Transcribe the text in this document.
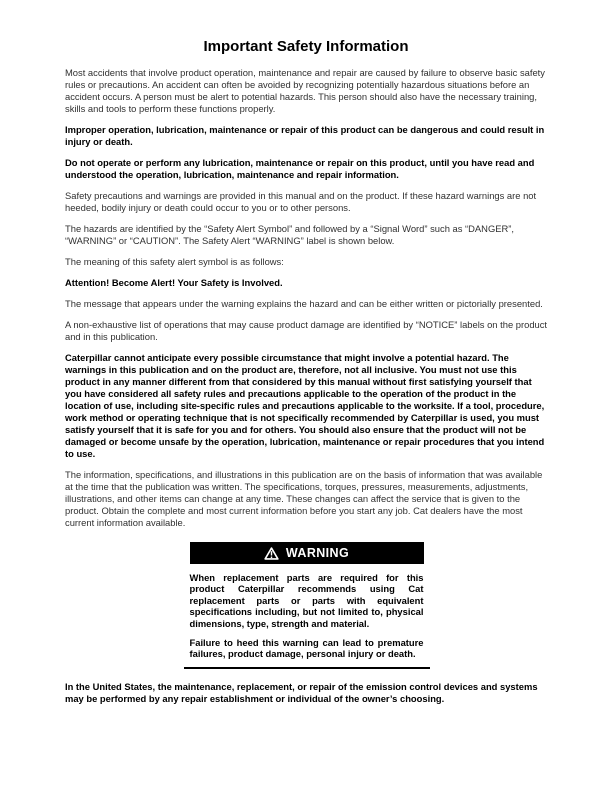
Important Safety Information

Most accidents that involve product operation, maintenance and repair are caused by failure to observe basic safety rules or precautions. An accident can often be avoided by recognizing potentially hazardous situations before an accident occurs. A person must be alert to potential hazards. This person should also have the necessary training, skills and tools to perform these functions properly.

Improper operation, lubrication, maintenance or repair of this product can be dangerous and could result in injury or death.

Do not operate or perform any lubrication, maintenance or repair on this product, until you have read and understood the operation, lubrication, maintenance and repair information.

Safety precautions and warnings are provided in this manual and on the product. If these hazard warnings are not heeded, bodily injury or death could occur to you or to other persons.

The hazards are identified by the “Safety Alert Symbol” and followed by a “Signal Word” such as “DANGER”, “WARNING” or “CAUTION”. The Safety Alert “WARNING” label is shown below.

The meaning of this safety alert symbol is as follows:

Attention! Become Alert! Your Safety is Involved.

The message that appears under the warning explains the hazard and can be either written or pictorially presented.

A non-exhaustive list of operations that may cause product damage are identified by “NOTICE” labels on the product and in this publication.

Caterpillar cannot anticipate every possible circumstance that might involve a potential hazard. The warnings in this publication and on the product are, therefore, not all inclusive. You must not use this product in any manner different from that considered by this manual without first satisfying yourself that you have considered all safety rules and precautions applicable to the operation of the product in the location of use, including site-specific rules and precautions applicable to the worksite. If a tool, procedure, work method or operating technique that is not specifically recommended by Caterpillar is used, you must satisfy yourself that it is safe for you and for others. You should also ensure that the product will not be damaged or become unsafe by the operation, lubrication, maintenance or repair procedures that you intend to use.

The information, specifications, and illustrations in this publication are on the basis of information that was available at the time that the publication was written. The specifications, torques, pressures, measurements, adjustments, illustrations, and other items can change at any time. These changes can affect the service that is given to the product. Obtain the complete and most current information before you start any job. Cat dealers have the most current information available.

WARNING

When replacement parts are required for this product Caterpillar recommends using Cat replacement parts or parts with equivalent specifications including, but not limited to, physical dimensions, type, strength and material.

Failure to heed this warning can lead to premature failures, product damage, personal injury or death.

In the United States, the maintenance, replacement, or repair of the emission control devices and systems may be performed by any repair establishment or individual of the owner’s choosing.
